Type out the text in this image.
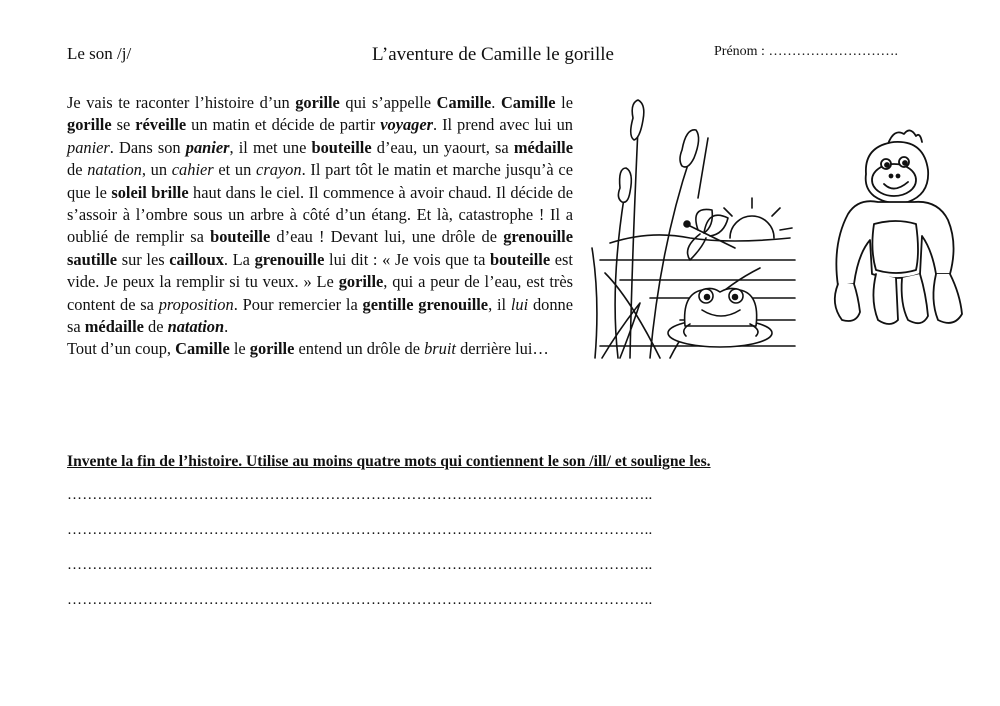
Le son /j/	L’aventure de Camille le gorille	Prénom : ……………………….

Je vais te raconter l’histoire d’un gorille qui s’appelle Camille. Camille le gorille se réveille un matin et décide de partir voyager. Il prend avec lui un panier. Dans son panier, il met une bouteille d’eau, un yaourt, sa médaille de natation, un cahier et un crayon. Il part tôt le matin et marche jusqu’à ce que le soleil brille haut dans le ciel. Il commence à avoir chaud. Il décide de s’assoir à l’ombre sous un arbre à côté d’un étang. Et là, catastrophe ! Il a oublié de remplir sa bouteille d’eau ! Devant lui, une drôle de grenouille sautille sur les cailloux. La grenouille lui dit : « Je vois que ta bouteille est vide. Je peux la remplir si tu veux. » Le gorille, qui a peur de l’eau, est très content de sa proposition. Pour remercier la gentille grenouille, il lui donne sa médaille de natation.

Tout d’un coup, Camille le gorille entend un drôle de bruit derrière lui…

Invente la fin de l’histoire. Utilise au moins quatre mots qui contiennent le son /ill/ et souligne les.
……………………………………………………………………………………………………..
……………………………………………………………………………………………………..
……………………………………………………………………………………………………..
……………………………………………………………………………………………………..
